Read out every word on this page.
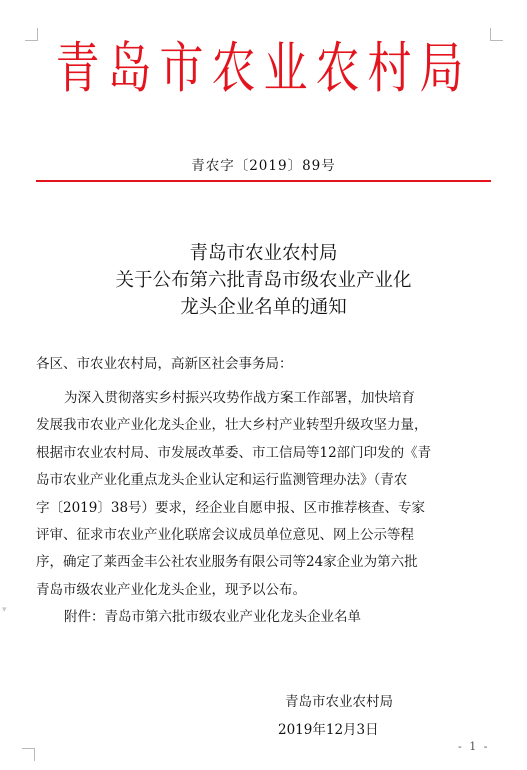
青岛市农业农村局
青农字〔2019〕89号
青岛市农业农村局
关于公布第六批青岛市级农业产业化
龙头企业名单的通知
各区、市农业农村局，高新区社会事务局：
为深入贯彻落实乡村振兴攻势作战方案工作部署，加快培育
发展我市农业产业化龙头企业，壮大乡村产业转型升级攻坚力量，
根据市农业农村局、市发展改革委、市工信局等12部门印发的《青
岛市农业产业化重点龙头企业认定和运行监测管理办法》（青农
字〔2019〕38号）要求，经企业自愿申报、区市推荐核查、专家
评审、征求市农业产业化联席会议成员单位意见、网上公示等程
序，确定了莱西金丰公社农业服务有限公司等24家企业为第六批
青岛市级农业产业化龙头企业，现予以公布。
附件：青岛市第六批市级农业产业化龙头企业名单
青岛市农业农村局
2019年12月3日
- 1 -
▾
